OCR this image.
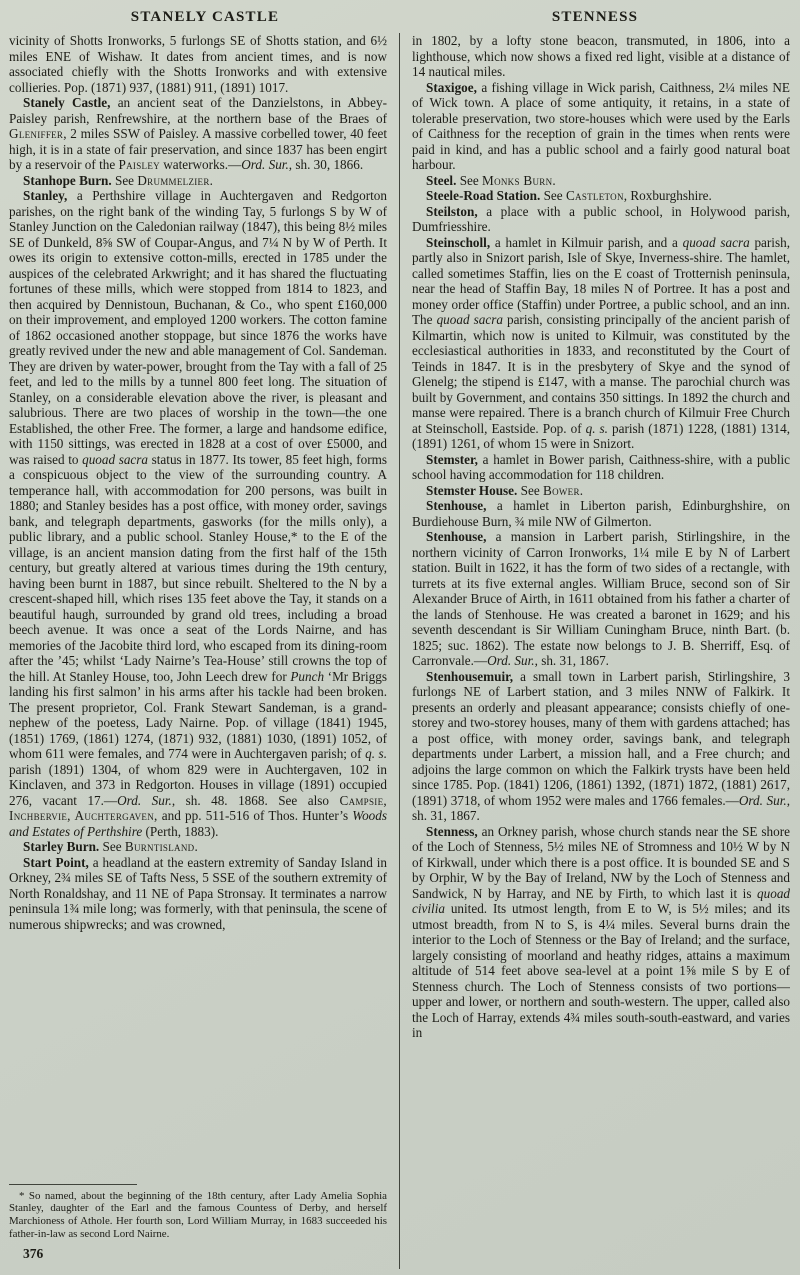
STANELY CASTLE	STENNESS

vicinity of Shotts Ironworks, 5 furlongs SE of Shotts station, and 6½ miles ENE of Wishaw. It dates from ancient times, and is now associated chiefly with the Shotts Ironworks and with extensive collieries. Pop. (1871) 937, (1881) 911, (1891) 1017.

Stanely Castle, an ancient seat of the Danzielstons, in Abbey-Paisley parish, Renfrewshire, at the northern base of the Braes of Gleniffer, 2 miles SSW of Paisley. A massive corbelled tower, 40 feet high, it is in a state of fair preservation, and since 1837 has been engirt by a reservoir of the Paisley waterworks.—Ord. Sur., sh. 30, 1866.

Stanhope Burn. See Drummelzier.

Stanley, a Perthshire village in Auchtergaven and Redgorton parishes, on the right bank of the winding Tay, 5 furlongs S by W of Stanley Junction on the Caledonian railway (1847), this being 8½ miles SE of Dunkeld, 8⅝ SW of Coupar-Angus, and 7¼ N by W of Perth. It owes its origin to extensive cotton-mills, erected in 1785 under the auspices of the celebrated Arkwright; and it has shared the fluctuating fortunes of these mills, which were stopped from 1814 to 1823, and then acquired by Dennistoun, Buchanan, & Co., who spent £160,000 on their improvement, and employed 1200 workers. The cotton famine of 1862 occasioned another stoppage, but since 1876 the works have greatly revived under the new and able management of Col. Sandeman. They are driven by water-power, brought from the Tay with a fall of 25 feet, and led to the mills by a tunnel 800 feet long. The situation of Stanley, on a considerable elevation above the river, is pleasant and salubrious. There are two places of worship in the town—the one Established, the other Free. The former, a large and handsome edifice, with 1150 sittings, was erected in 1828 at a cost of over £5000, and was raised to quoad sacra status in 1877. Its tower, 85 feet high, forms a conspicuous object to the view of the surrounding country. A temperance hall, with accommodation for 200 persons, was built in 1880; and Stanley besides has a post office, with money order, savings bank, and telegraph departments, gasworks (for the mills only), a public library, and a public school. Stanley House,* to the E of the village, is an ancient mansion dating from the first half of the 15th century, but greatly altered at various times during the 19th century, having been burnt in 1887, but since rebuilt. Sheltered to the N by a crescent-shaped hill, which rises 135 feet above the Tay, it stands on a beautiful haugh, surrounded by grand old trees, including a broad beech avenue. It was once a seat of the Lords Nairne, and has memories of the Jacobite third lord, who escaped from its dining-room after the ’45; whilst ‘Lady Nairne’s Tea-House’ still crowns the top of the hill. At Stanley House, too, John Leech drew for Punch ‘Mr Briggs landing his first salmon’ in his arms after his tackle had been broken. The present proprietor, Col. Frank Stewart Sandeman, is a grand-nephew of the poetess, Lady Nairne. Pop. of village (1841) 1945, (1851) 1769, (1861) 1274, (1871) 932, (1881) 1030, (1891) 1052, of whom 611 were females, and 774 were in Auchtergaven parish; of q. s. parish (1891) 1304, of whom 829 were in Auchtergaven, 102 in Kinclaven, and 373 in Redgorton. Houses in village (1891) occupied 276, vacant 17.—Ord. Sur., sh. 48. 1868. See also Campsie, Inchbervie, Auchtergaven, and pp. 511-516 of Thos. Hunter’s Woods and Estates of Perthshire (Perth, 1883).

Starley Burn. See Burntisland.

Start Point, a headland at the eastern extremity of Sanday Island in Orkney, 2¾ miles SE of Tafts Ness, 5 SSE of the southern extremity of North Ronaldshay, and 11 NE of Papa Stronsay. It terminates a narrow peninsula 1¾ mile long; was formerly, with that peninsula, the scene of numerous shipwrecks; and was crowned,

* So named, about the beginning of the 18th century, after Lady Amelia Sophia Stanley, daughter of the Earl and the famous Countess of Derby, and herself Marchioness of Athole. Her fourth son, Lord William Murray, in 1683 succeeded his father-in-law as second Lord Nairne.

376

in 1802, by a lofty stone beacon, transmuted, in 1806, into a lighthouse, which now shows a fixed red light, visible at a distance of 14 nautical miles.

Staxigoe, a fishing village in Wick parish, Caithness, 2¼ miles NE of Wick town. A place of some antiquity, it retains, in a state of tolerable preservation, two store-houses which were used by the Earls of Caithness for the reception of grain in the times when rents were paid in kind, and has a public school and a fairly good natural boat harbour.

Steel. See Monks Burn.

Steele-Road Station. See Castleton, Roxburghshire.

Steilston, a place with a public school, in Holywood parish, Dumfriesshire.

Steinscholl, a hamlet in Kilmuir parish, and a quoad sacra parish, partly also in Snizort parish, Isle of Skye, Inverness-shire. The hamlet, called sometimes Staffin, lies on the E coast of Trotternish peninsula, near the head of Staffin Bay, 18 miles N of Portree. It has a post and money order office (Staffin) under Portree, a public school, and an inn. The quoad sacra parish, consisting principally of the ancient parish of Kilmartin, which now is united to Kilmuir, was constituted by the ecclesiastical authorities in 1833, and reconstituted by the Court of Teinds in 1847. It is in the presbytery of Skye and the synod of Glenelg; the stipend is £147, with a manse. The parochial church was built by Government, and contains 350 sittings. In 1892 the church and manse were repaired. There is a branch church of Kilmuir Free Church at Steinscholl, Eastside. Pop. of q. s. parish (1871) 1228, (1881) 1314, (1891) 1261, of whom 15 were in Snizort.

Stemster, a hamlet in Bower parish, Caithness-shire, with a public school having accommodation for 118 children.

Stemster House. See Bower.

Stenhouse, a hamlet in Liberton parish, Edinburghshire, on Burdiehouse Burn, ¾ mile NW of Gilmerton.

Stenhouse, a mansion in Larbert parish, Stirlingshire, in the northern vicinity of Carron Ironworks, 1¼ mile E by N of Larbert station. Built in 1622, it has the form of two sides of a rectangle, with turrets at its five external angles. William Bruce, second son of Sir Alexander Bruce of Airth, in 1611 obtained from his father a charter of the lands of Stenhouse. He was created a baronet in 1629; and his seventh descendant is Sir William Cuningham Bruce, ninth Bart. (b. 1825; suc. 1862). The estate now belongs to J. B. Sherriff, Esq. of Carronvale.—Ord. Sur., sh. 31, 1867.

Stenhousemuir, a small town in Larbert parish, Stirlingshire, 3 furlongs NE of Larbert station, and 3 miles NNW of Falkirk. It presents an orderly and pleasant appearance; consists chiefly of one-storey and two-storey houses, many of them with gardens attached; has a post office, with money order, savings bank, and telegraph departments under Larbert, a mission hall, and a Free church; and adjoins the large common on which the Falkirk trysts have been held since 1785. Pop. (1841) 1206, (1861) 1392, (1871) 1872, (1881) 2617, (1891) 3718, of whom 1952 were males and 1766 females.—Ord. Sur., sh. 31, 1867.

Stenness, an Orkney parish, whose church stands near the SE shore of the Loch of Stenness, 5½ miles NE of Stromness and 10½ W by N of Kirkwall, under which there is a post office. It is bounded SE and S by Orphir, W by the Bay of Ireland, NW by the Loch of Stenness and Sandwick, N by Harray, and NE by Firth, to which last it is quoad civilia united. Its utmost length, from E to W, is 5½ miles; and its utmost breadth, from N to S, is 4¼ miles. Several burns drain the interior to the Loch of Stenness or the Bay of Ireland; and the surface, largely consisting of moorland and heathy ridges, attains a maximum altitude of 514 feet above sea-level at a point 1⅝ mile S by E of Stenness church. The Loch of Stenness consists of two portions—upper and lower, or northern and south-western. The upper, called also the Loch of Harray, extends 4¾ miles south-south-eastward, and varies in
